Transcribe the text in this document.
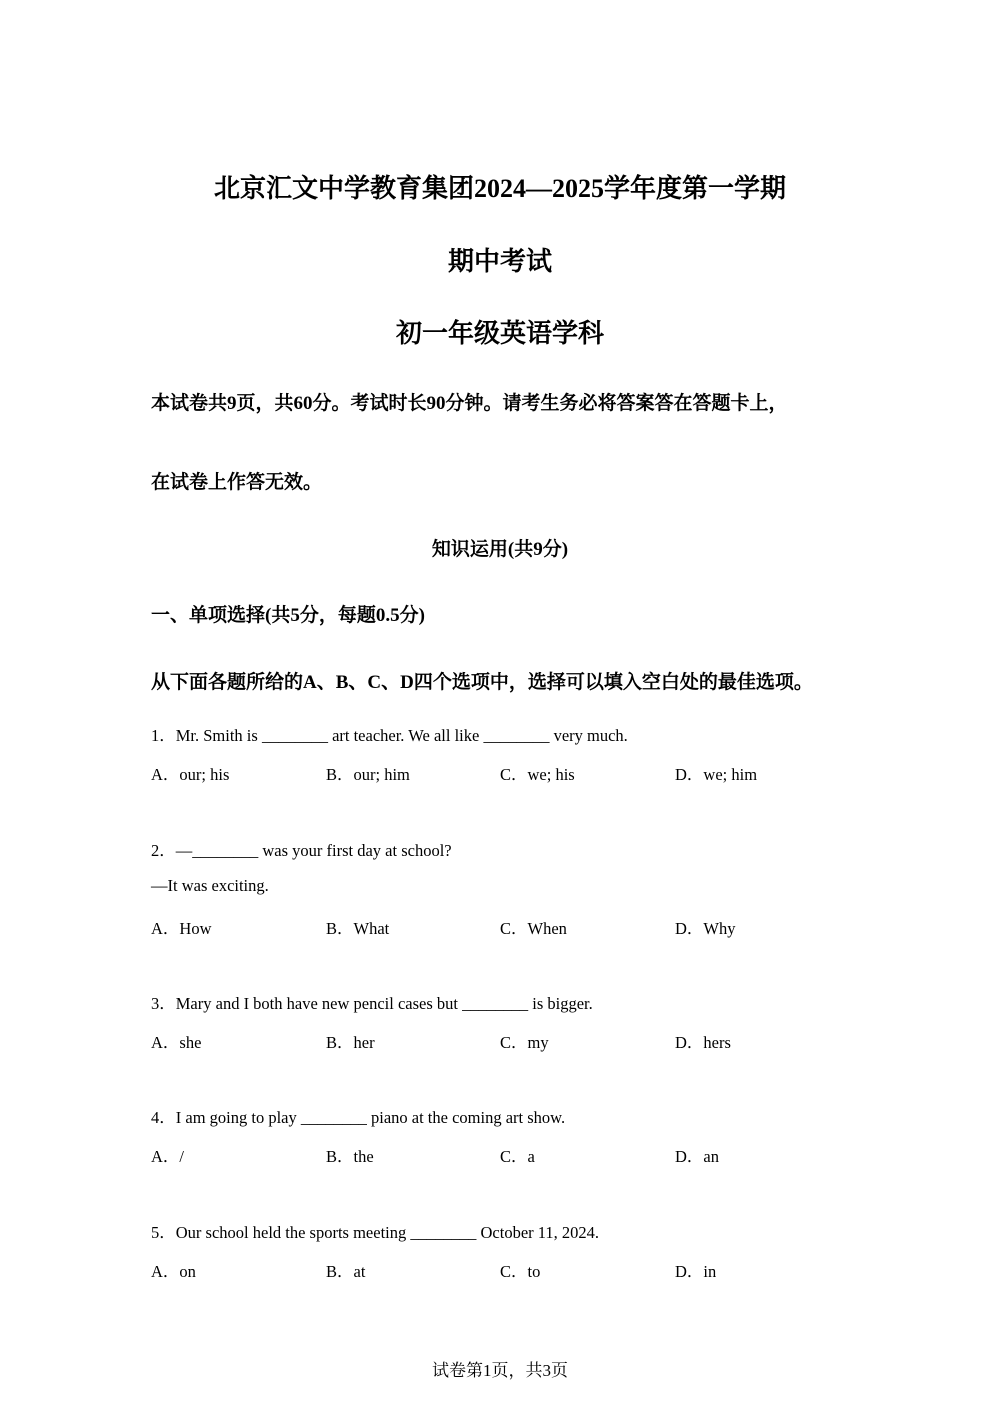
北京汇文中学教育集团2024—2025学年度第一学期
期中考试
初一年级英语学科
本试卷共9页，共60分。考试时长90分钟。请考生务必将答案答在答题卡上，
在试卷上作答无效。
知识运用(共9分)
一、单项选择(共5分，每题0.5分)
从下面各题所给的A、B、C、D四个选项中，选择可以填入空白处的最佳选项。
1．Mr. Smith is ________ art teacher. We all like ________ very much.
A．our; his	B．our; him	C．we; his	D．we; him
2．—________ was your first day at school?
—It was exciting.
A．How	B．What	C．When	D．Why
3．Mary and I both have new pencil cases but ________ is bigger.
A．she	B．her	C．my	D．hers
4．I am going to play ________ piano at the coming art show.
A．/	B．the	C．a	D．an
5．Our school held the sports meeting ________ October 11, 2024.
A．on	B．at	C．to	D．in
试卷第1页，共3页
